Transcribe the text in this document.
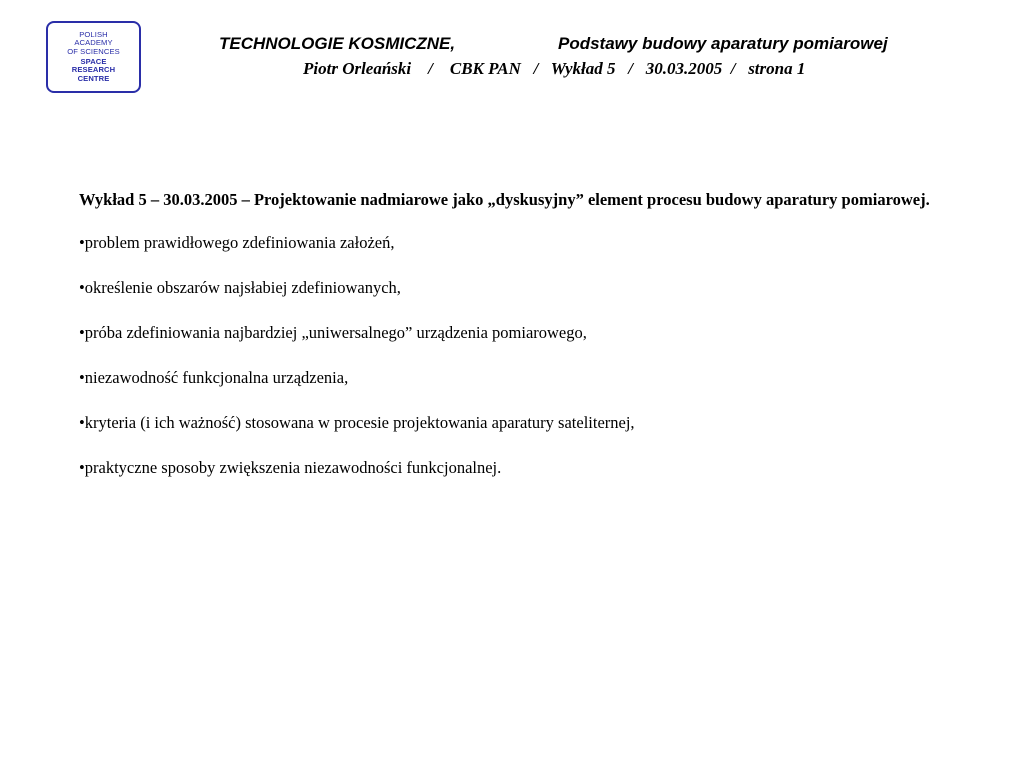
POLISH
ACADEMY
OF SCIENCES
SPACE
RESEARCH
CENTRE
TECHNOLOGIE KOSMICZNE,	Podstawy budowy aparatury pomiarowej
Piotr Orleański    /    CBK PAN   /   Wykład 5   /   30.03.2005  /   strona 1

Wykład 5 – 30.03.2005 – Projektowanie nadmiarowe jako „dyskusyjny” element procesu budowy aparatury pomiarowej.

•problem prawidłowego zdefiniowania założeń,
•określenie obszarów najsłabiej zdefiniowanych,
•próba zdefiniowania najbardziej „uniwersalnego” urządzenia pomiarowego,
•niezawodność funkcjonalna urządzenia,
•kryteria (i ich ważność) stosowana w procesie projektowania aparatury sateliternej,
•praktyczne sposoby zwiększenia niezawodności funkcjonalnej.
